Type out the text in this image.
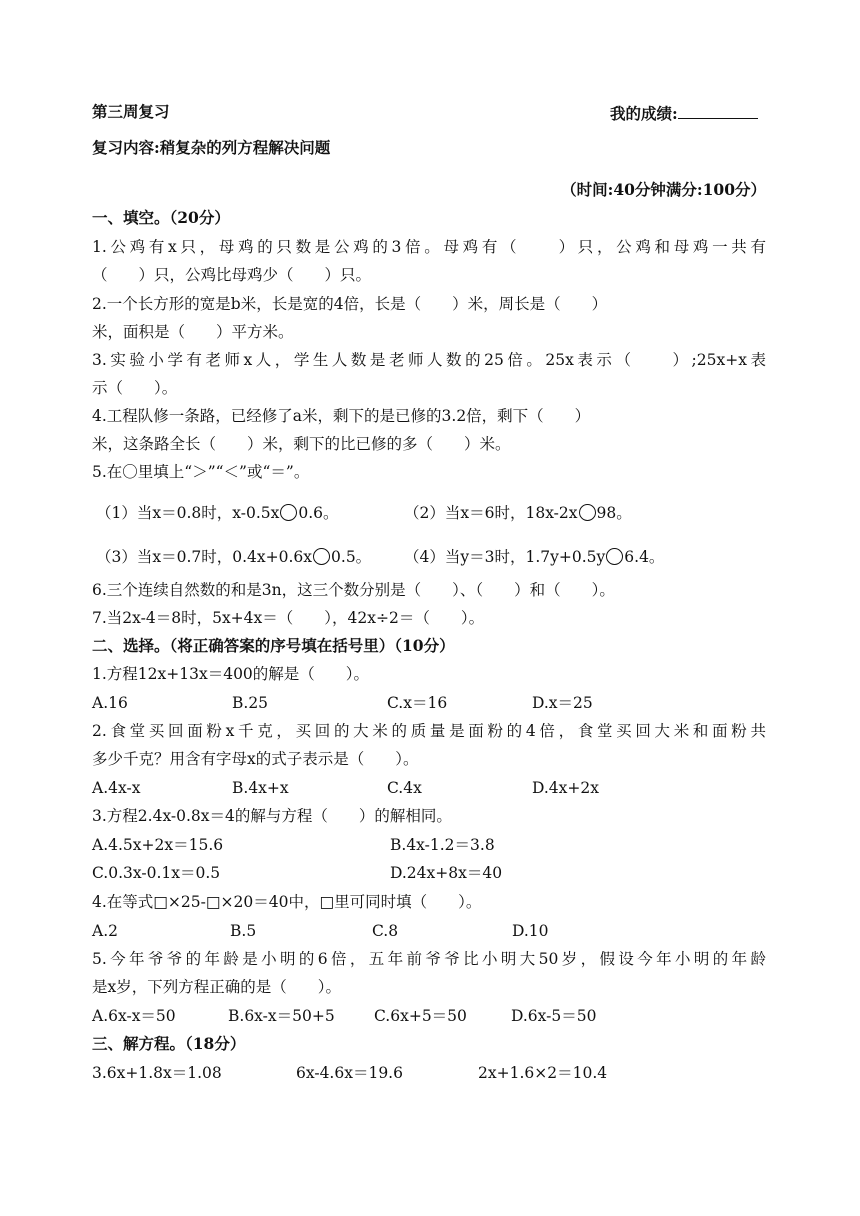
第三周复习	我的成绩:
复习内容:稍复杂的列方程解决问题
（时间:40分钟满分:100分）
一、填空。（20分）
1.公鸡有x只，母鸡的只数是公鸡的3倍。母鸡有（　　）只，公鸡和母鸡一共有
（　　）只，公鸡比母鸡少（　　）只。
2.一个长方形的宽是b米，长是宽的4倍，长是（　　）米，周长是（　　）
米，面积是（　　）平方米。
3.实验小学有老师x人，学生人数是老师人数的25倍。25x表示（　　）;25x+x表
示（　　）。
4.工程队修一条路，已经修了a米，剩下的是已修的3.2倍，剩下（　　）
米，这条路全长（　　）米，剩下的比已修的多（　　）米。
5.在〇里填上“＞”“＜”或“＝”。
（1）当x＝0.8时，x-0.5x 0.6。	（2）当x＝6时，18x-2x 98。
（3）当x＝0.7时，0.4x+0.6x 0.5。 （4）当y＝3时，1.7y+0.5y 6.4。
6.三个连续自然数的和是3n，这三个数分别是（　　）、（　　）和（　　）。
7.当2x-4＝8时，5x+4x＝（　　），42x÷2＝（　　）。
二、选择。（将正确答案的序号填在括号里）（10分）
1.方程12x+13x＝400的解是（　　）。
A.16	B.25	C.x＝16	D.x＝25
2.食堂买回面粉x千克，买回的大米的质量是面粉的4倍，食堂买回大米和面粉共
多少千克？用含有字母x的式子表示是（　　）。
A.4x-x	B.4x+x	C.4x	D.4x+2x
3.方程2.4x-0.8x＝4的解与方程（　　）的解相同。
A.4.5x+2x＝15.6	B.4x-1.2＝3.8
C.0.3x-0.1x＝0.5	D.24x+8x＝40
4.在等式□×25-□×20＝40中，□里可同时填（　　）。
A.2	B.5	C.8	D.10
5.今年爷爷的年龄是小明的6倍，五年前爷爷比小明大50岁，假设今年小明的年龄
是x岁，下列方程正确的是（　　）。
A.6x-x＝50	B.6x-x＝50+5	C.6x+5＝50	D.6x-5＝50
三、解方程。（18分）
3.6x+1.8x＝1.08	6x-4.6x＝19.6	2x+1.6×2＝10.4
